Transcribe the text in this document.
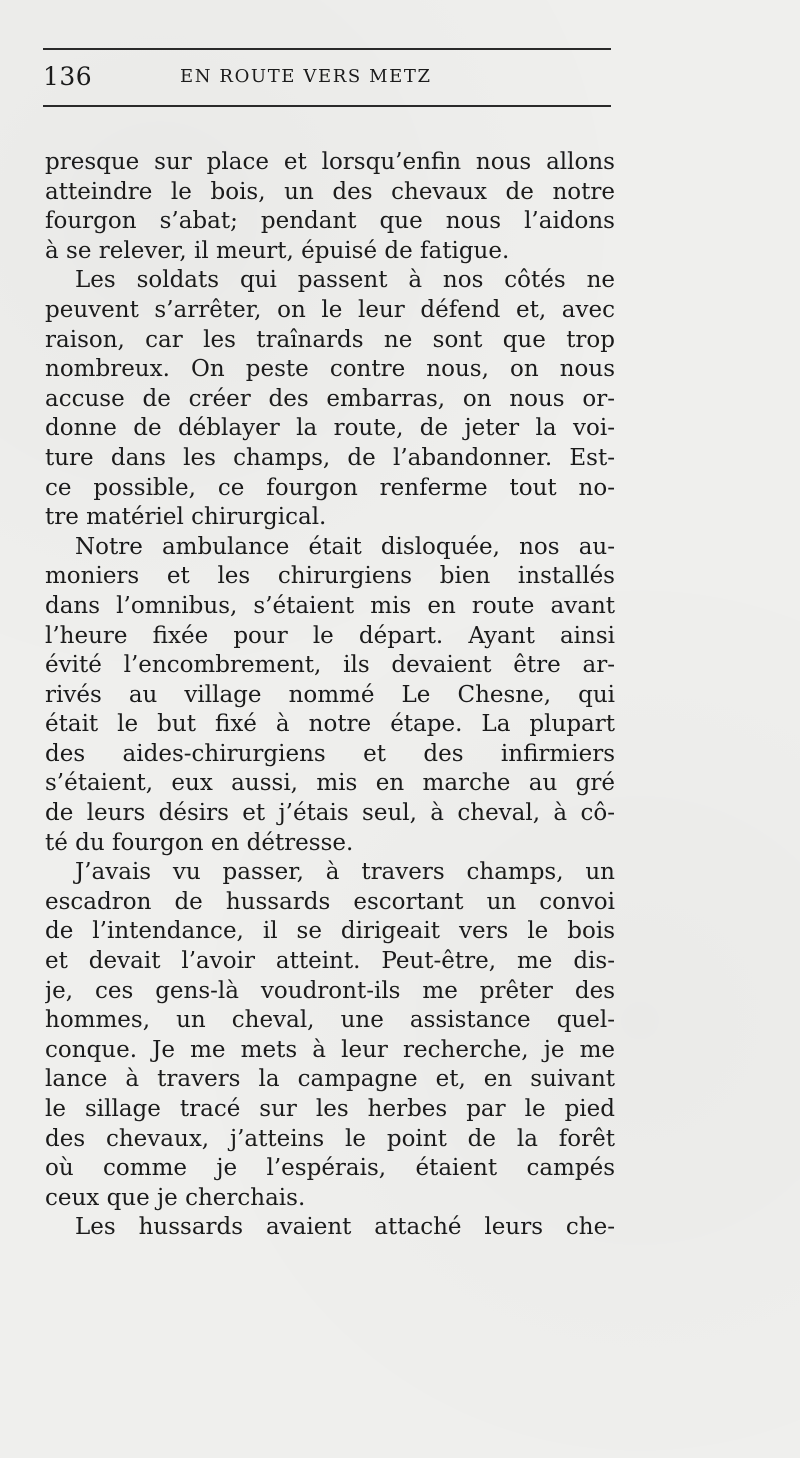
136	EN ROUTE VERS METZ
presque sur place et lorsqu’enfin nous allons
atteindre le bois, un des chevaux de notre
fourgon s’abat; pendant que nous l’aidons
à se relever, il meurt, épuisé de fatigue.
Les soldats qui passent à nos côtés ne
peuvent s’arrêter, on le leur défend et, avec
raison, car les traînards ne sont que trop
nombreux. On peste contre nous, on nous
accuse de créer des embarras, on nous or-
donne de déblayer la route, de jeter la voi-
ture dans les champs, de l’abandonner. Est-
ce possible, ce fourgon renferme tout no-
tre matériel chirurgical.
Notre ambulance était disloquée, nos au-
moniers et les chirurgiens bien installés
dans l’omnibus, s’étaient mis en route avant
l’heure fixée pour le départ. Ayant ainsi
évité l’encombrement, ils devaient être ar-
rivés au village nommé Le Chesne, qui
était le but fixé à notre étape. La plupart
des aides-chirurgiens et des infirmiers
s’étaient, eux aussi, mis en marche au gré
de leurs désirs et j’étais seul, à cheval, à cô-
té du fourgon en détresse.
J’avais vu passer, à travers champs, un
escadron de hussards escortant un convoi
de l’intendance, il se dirigeait vers le bois
et devait l’avoir atteint. Peut-être, me dis-
je, ces gens-là voudront-ils me prêter des
hommes, un cheval, une assistance quel-
conque. Je me mets à leur recherche, je me
lance à travers la campagne et, en suivant
le sillage tracé sur les herbes par le pied
des chevaux, j’atteins le point de la forêt
où comme je l’espérais, étaient campés
ceux que je cherchais.
Les hussards avaient attaché leurs che-
